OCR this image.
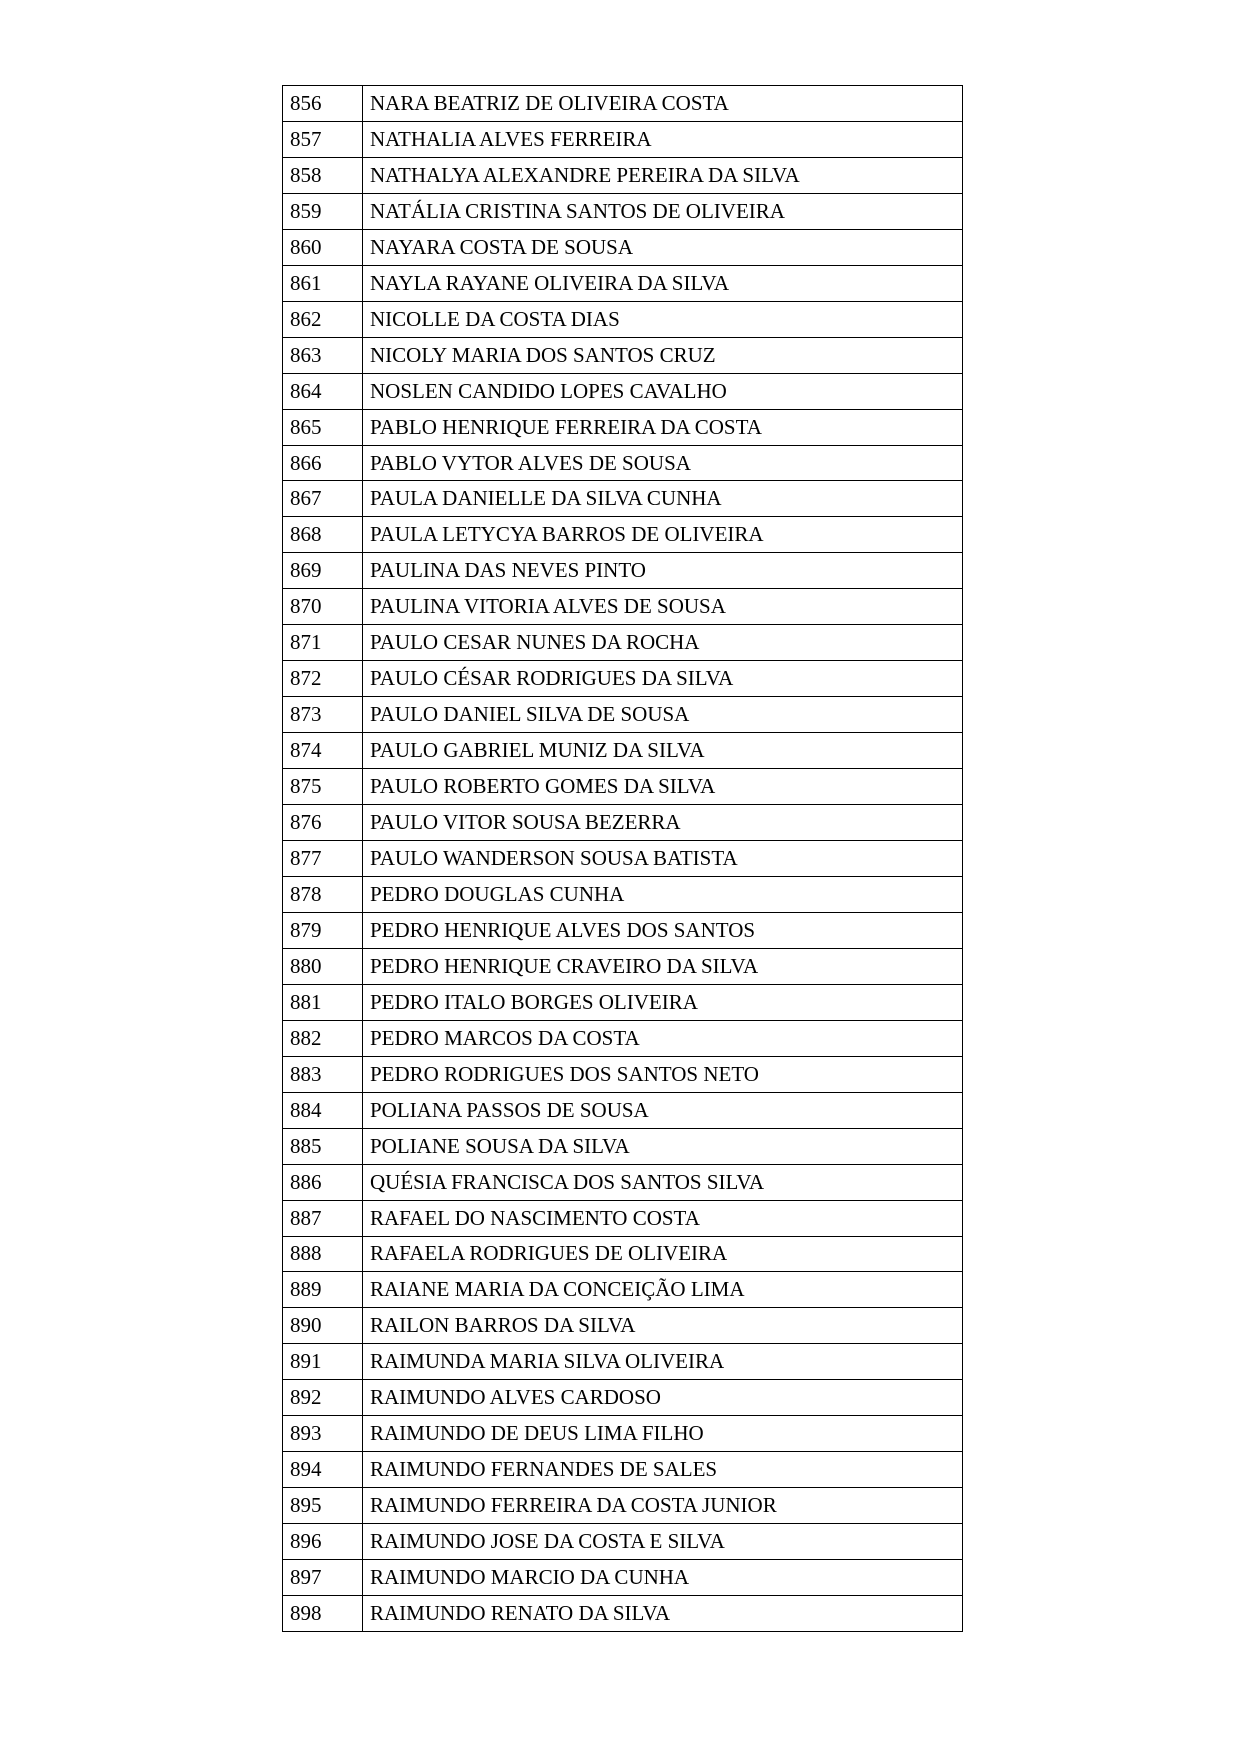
856	NARA BEATRIZ DE OLIVEIRA COSTA
857	NATHALIA ALVES FERREIRA
858	NATHALYA ALEXANDRE PEREIRA DA SILVA
859	NATÁLIA CRISTINA SANTOS DE OLIVEIRA
860	NAYARA COSTA DE SOUSA
861	NAYLA RAYANE OLIVEIRA DA SILVA
862	NICOLLE DA COSTA DIAS
863	NICOLY MARIA DOS SANTOS CRUZ
864	NOSLEN CANDIDO LOPES CAVALHO
865	PABLO HENRIQUE FERREIRA DA COSTA
866	PABLO VYTOR ALVES DE SOUSA
867	PAULA DANIELLE DA SILVA CUNHA
868	PAULA LETYCYA BARROS DE OLIVEIRA
869	PAULINA DAS NEVES PINTO
870	PAULINA VITORIA ALVES DE SOUSA
871	PAULO CESAR NUNES DA ROCHA
872	PAULO CÉSAR RODRIGUES DA SILVA
873	PAULO DANIEL SILVA DE SOUSA
874	PAULO GABRIEL MUNIZ DA SILVA
875	PAULO ROBERTO GOMES DA SILVA
876	PAULO VITOR SOUSA BEZERRA
877	PAULO WANDERSON SOUSA BATISTA
878	PEDRO DOUGLAS CUNHA
879	PEDRO HENRIQUE ALVES DOS SANTOS
880	PEDRO HENRIQUE CRAVEIRO DA SILVA
881	PEDRO ITALO BORGES OLIVEIRA
882	PEDRO MARCOS DA COSTA
883	PEDRO RODRIGUES DOS SANTOS NETO
884	POLIANA PASSOS DE SOUSA
885	POLIANE SOUSA DA SILVA
886	QUÉSIA FRANCISCA DOS SANTOS SILVA
887	RAFAEL DO NASCIMENTO COSTA
888	RAFAELA RODRIGUES DE OLIVEIRA
889	RAIANE MARIA DA CONCEIÇÃO LIMA
890	RAILON BARROS DA SILVA
891	RAIMUNDA MARIA SILVA OLIVEIRA
892	RAIMUNDO ALVES CARDOSO
893	RAIMUNDO DE DEUS LIMA FILHO
894	RAIMUNDO FERNANDES DE SALES
895	RAIMUNDO FERREIRA DA COSTA JUNIOR
896	RAIMUNDO JOSE DA COSTA E SILVA
897	RAIMUNDO MARCIO DA CUNHA
898	RAIMUNDO RENATO DA SILVA
